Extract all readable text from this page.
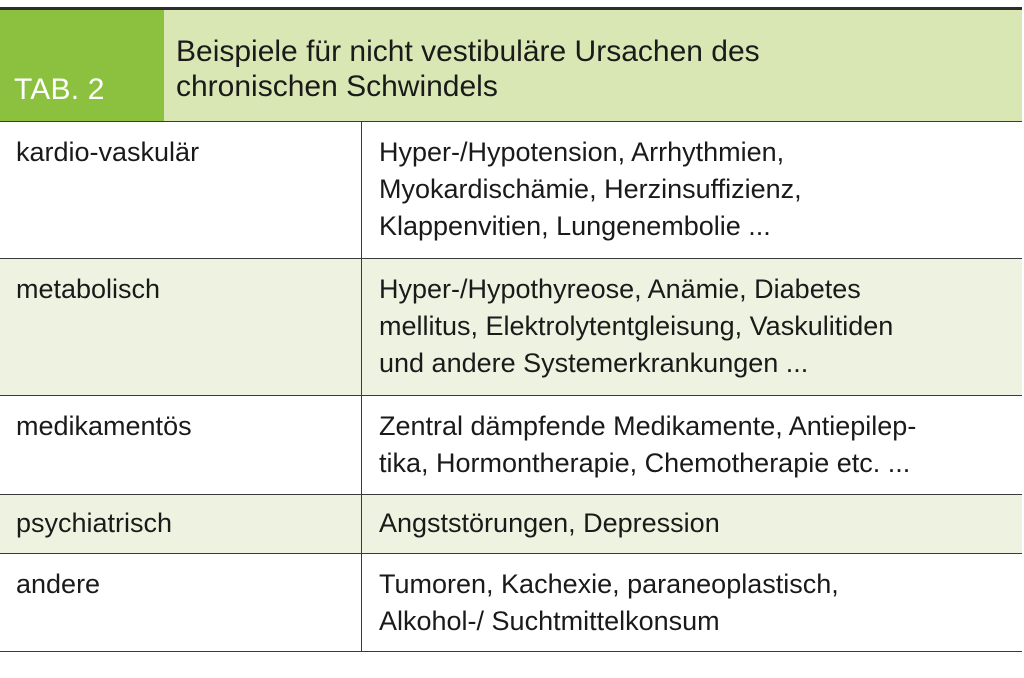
TAB. 2
Beispiele für nicht vestibuläre Ursachen des
chronischen Schwindels
kardio-vaskulär	Hyper-/Hypotension, Arrhythmien,
Myokardischämie, Herzinsuffizienz,
Klappenvitien, Lungenembolie ...
metabolisch	Hyper-/Hypothyreose, Anämie, Diabetes
mellitus, Elektrolytentgleisung, Vaskulitiden
und andere Systemerkrankungen ...
medikamentös	Zentral dämpfende Medikamente, Antiepilep-
tika, Hormontherapie, Chemotherapie etc. ...
psychiatrisch	Angststörungen, Depression
andere	Tumoren, Kachexie, paraneoplastisch,
Alkohol-/ Suchtmittelkonsum
